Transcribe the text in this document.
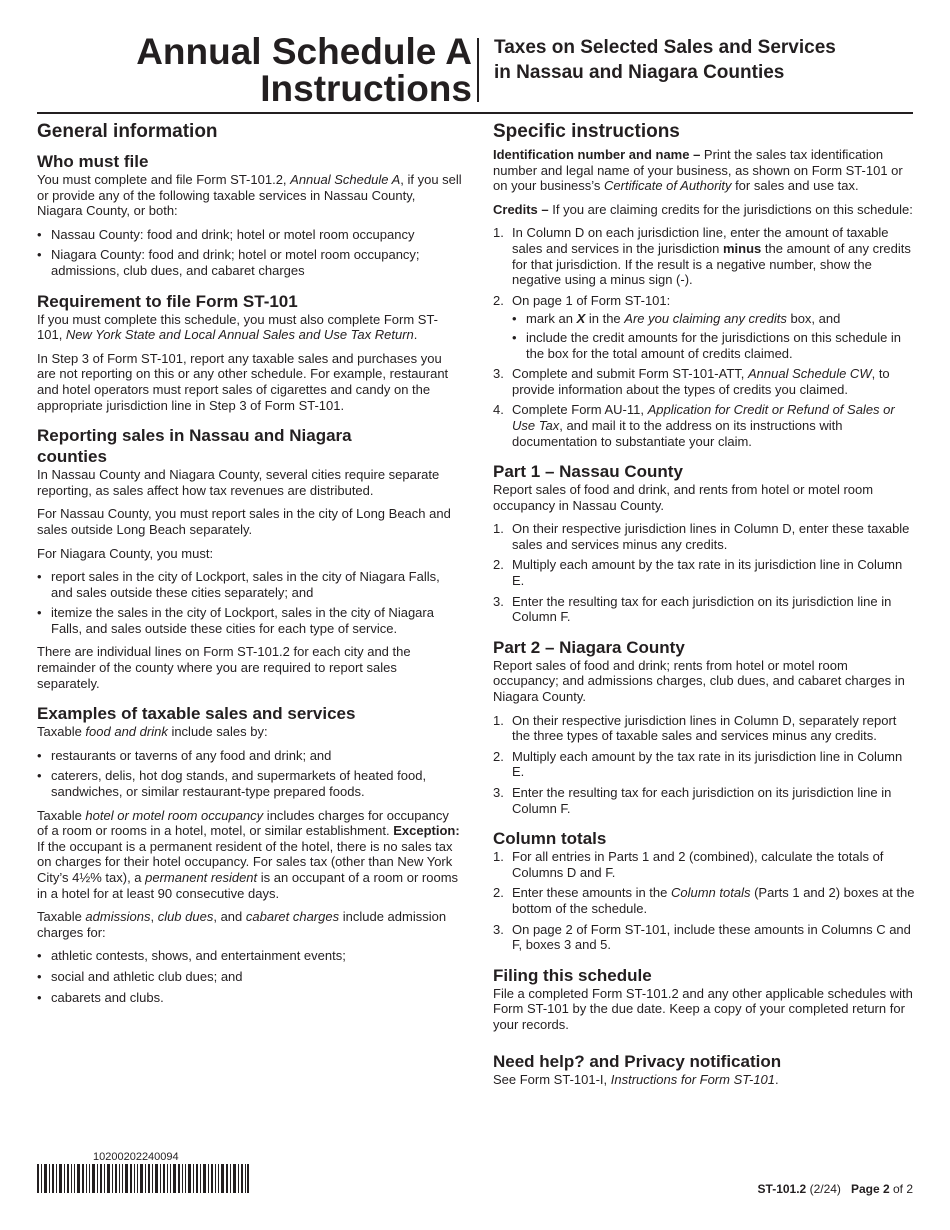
Annual Schedule A
Instructions
Taxes on Selected Sales and Services
in Nassau and Niagara Counties
General information
Who must file

You must complete and file Form ST-101.2, Annual Schedule A, if you sell or provide any of the following taxable services in Nassau County, Niagara County, or both:

• Nassau County: food and drink; hotel or motel room occupancy
• Niagara County: food and drink; hotel or motel room occupancy; admissions, club dues, and cabaret charges
Requirement to file Form ST-101

If you must complete this schedule, you must also complete Form ST-101, New York State and Local Annual Sales and Use Tax Return.

In Step 3 of Form ST-101, report any taxable sales and purchases you are not reporting on this or any other schedule. For example, restaurant and hotel operators must report sales of cigarettes and candy on the appropriate jurisdiction line in Step 3 of Form ST-101.

Reporting sales in Nassau and Niagara
counties

In Nassau County and Niagara County, several cities require separate reporting, as sales affect how tax revenues are distributed.

For Nassau County, you must report sales in the city of Long Beach and sales outside Long Beach separately.

For Niagara County, you must:

• report sales in the city of Lockport, sales in the city of Niagara Falls, and sales outside these cities separately; and
• itemize the sales in the city of Lockport, sales in the city of Niagara Falls, and sales outside these cities for each type of service.

There are individual lines on Form ST-101.2 for each city and the remainder of the county where you are required to report sales separately.

Examples of taxable sales and services

Taxable food and drink include sales by:

• restaurants or taverns of any food and drink; and
• caterers, delis, hot dog stands, and supermarkets of heated food, sandwiches, or similar restaurant-type prepared foods.

Taxable hotel or motel room occupancy includes charges for occupancy of a room or rooms in a hotel, motel, or similar establishment. Exception: If the occupant is a permanent resident of the hotel, there is no sales tax on charges for their hotel occupancy. For sales tax (other than New York City’s 4½% tax), a permanent resident is an occupant of a room or rooms in a hotel for at least 90 consecutive days.

Taxable admissions, club dues, and cabaret charges include admission charges for:

• athletic contests, shows, and entertainment events;
• social and athletic club dues; and
• cabarets and clubs.
Specific instructions

Identification number and name – Print the sales tax identification number and legal name of your business, as shown on Form ST-101 or on your business’s Certificate of Authority for sales and use tax.

Credits – If you are claiming credits for the jurisdictions on this schedule:

1. In Column D on each jurisdiction line, enter the amount of taxable sales and services in the jurisdiction minus the amount of any credits for that jurisdiction. If the result is a negative number, show the negative using a minus sign (-).
2. On page 1 of Form ST-101:
• mark an X in the Are you claiming any credits box, and
• include the credit amounts for the jurisdictions on this schedule in the box for the total amount of credits claimed.
3. Complete and submit Form ST-101-ATT, Annual Schedule CW, to provide information about the types of credits you claimed.
4. Complete Form AU-11, Application for Credit or Refund of Sales or Use Tax, and mail it to the address on its instructions with documentation to substantiate your claim.
Part 1 – Nassau County

Report sales of food and drink, and rents from hotel or motel room occupancy in Nassau County.

1. On their respective jurisdiction lines in Column D, enter these taxable sales and services minus any credits.
2. Multiply each amount by the tax rate in its jurisdiction line in Column E.
3. Enter the resulting tax for each jurisdiction on its jurisdiction line in Column F.
Part 2 – Niagara County

Report sales of food and drink; rents from hotel or motel room occupancy; and admissions charges, club dues, and cabaret charges in Niagara County.

1. On their respective jurisdiction lines in Column D, separately report the three types of taxable sales and services minus any credits.
2. Multiply each amount by the tax rate in its jurisdiction line in Column E.
3. Enter the resulting tax for each jurisdiction on its jurisdiction line in Column F.
Column totals
1. For all entries in Parts 1 and 2 (combined), calculate the totals of Columns D and F.
2. Enter these amounts in the Column totals (Parts 1 and 2) boxes at the bottom of the schedule.
3. On page 2 of Form ST-101, include these amounts in Columns C and F, boxes 3 and 5.
Filing this schedule

File a completed Form ST-101.2 and any other applicable schedules with Form ST-101 by the due date. Keep a copy of your completed return for your records.

Need help? and Privacy notification

See Form ST-101-I, Instructions for Form ST-101.

10200202240094
ST-101.2 (2/24) Page 2 of 2
